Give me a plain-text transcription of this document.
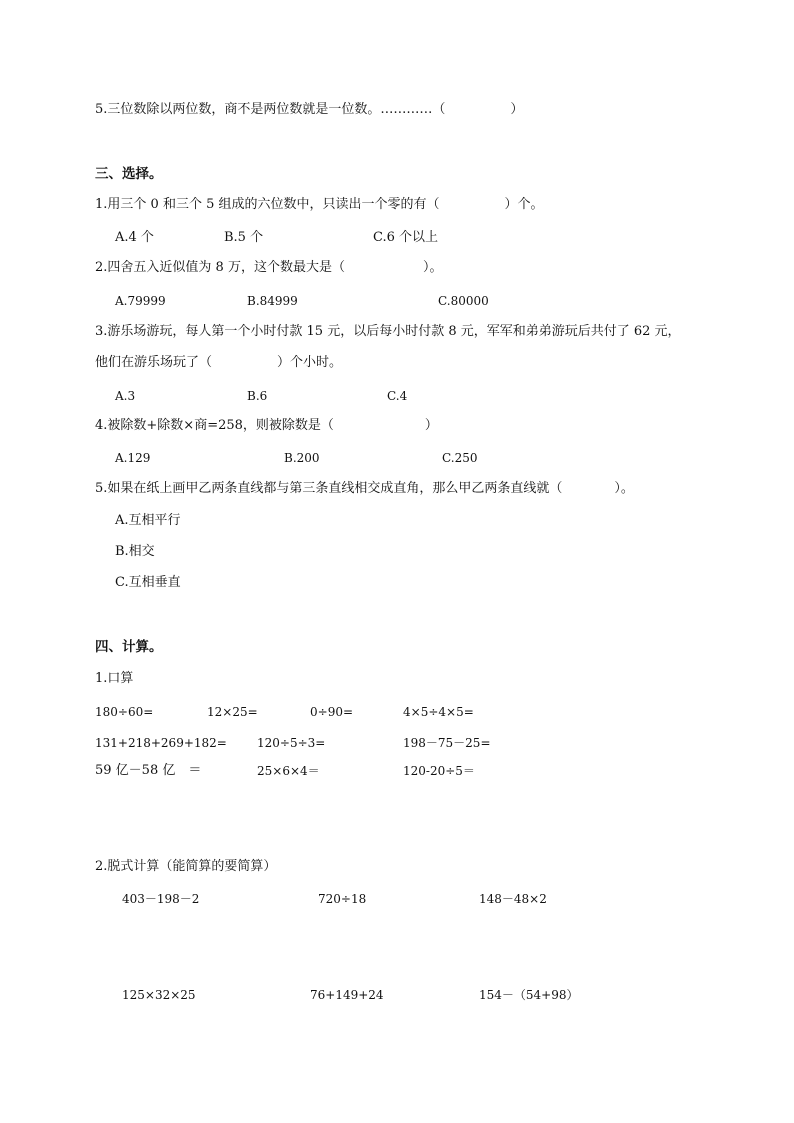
5.三位数除以两位数，商不是两位数就是一位数。…………（　　　　　）
三、选择。
1.用三个 0 和三个 5 组成的六位数中，只读出一个零的有（　　　　　）个。
A.4 个	B.5 个	C.6 个以上
2.四舍五入近似值为 8 万，这个数最大是（　　　　　　）。
A.79999	B.84999	C.80000
3.游乐场游玩，每人第一个小时付款 15 元，以后每小时付款 8 元，军军和弟弟游玩后共付了 62 元，
他们在游乐场玩了（　　　　　）个小时。
A.3	B.6	C.4
4.被除数+除数×商=258，则被除数是（　　　　　　　）
A.129	B.200	C.250
5.如果在纸上画甲乙两条直线都与第三条直线相交成直角，那么甲乙两条直线就（　　　　）。
A.互相平行
B.相交
C.互相垂直
四、计算。
1.口算
180÷60=	12×25=	0÷90=	4×5÷4×5=
131+218+269+182=	120÷5÷3=	198－75－25=
59 亿－58 亿　＝	25×6×4＝	120-20÷5＝
2.脱式计算（能简算的要简算）
403－198－2	720÷18	148－48×2
125×32×25	76+149+24	154－（54+98）
